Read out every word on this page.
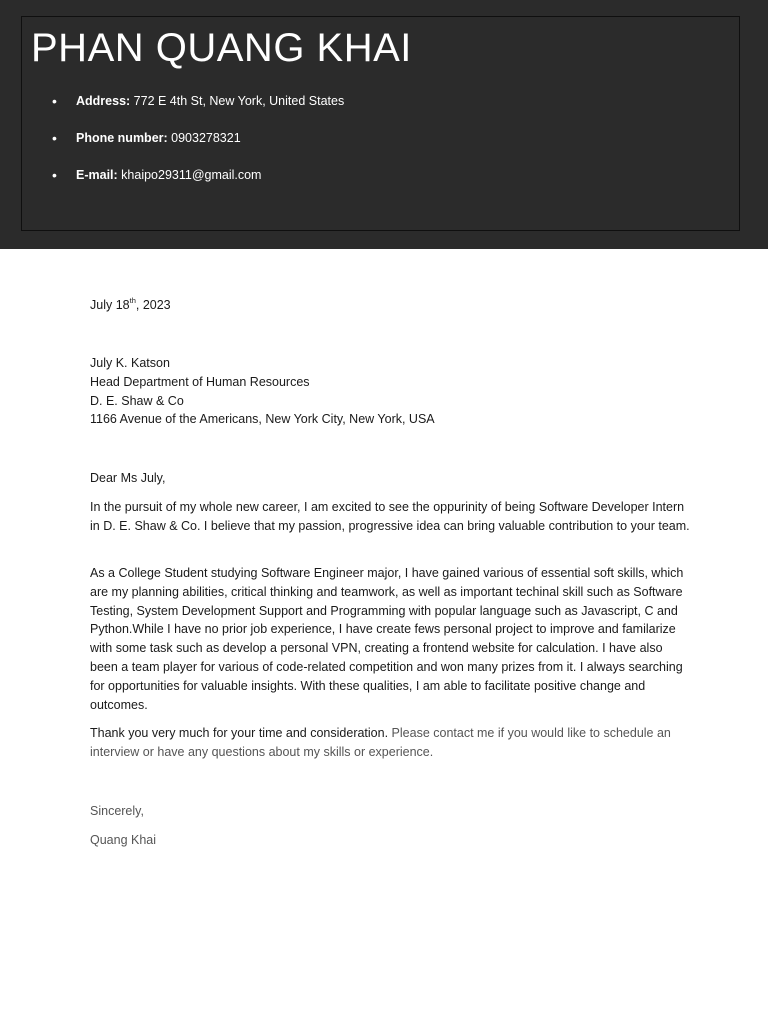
PHAN QUANG KHAI
• Address: 772 E 4th St, New York, United States
• Phone number: 0903278321
• E-mail: khaipo29311@gmail.com
July 18th, 2023
July K. Katson
Head Department of Human Resources
D. E. Shaw & Co
1166 Avenue of the Americans, New York City, New York, USA
Dear Ms July,

In the pursuit of my whole new career, I am excited to see the oppurinity of being Software Developer Intern in D. E. Shaw & Co. I believe that my passion, progressive idea can bring valuable contribution to your team.

As a College Student studying Software Engineer major, I have gained various of essential soft skills, which are my planning abilities, critical thinking and teamwork, as well as important techinal skill such as Software Testing, System Development Support and Programming with popular language such as Javascript, C and Python.While I have no prior job experience, I have create fews personal project to improve and familarize with some task such as develop a personal VPN, creating a frontend website for calculation. I have also been a team player for various of code-related competition and won many prizes from it. I always searching for opportunities for valuable insights. With these qualities, I am able to facilitate positive change and outcomes.

Thank you very much for your time and consideration. Please contact me if you would like to schedule an interview or have any questions about my skills or experience.

Sincerely,
Quang Khai
